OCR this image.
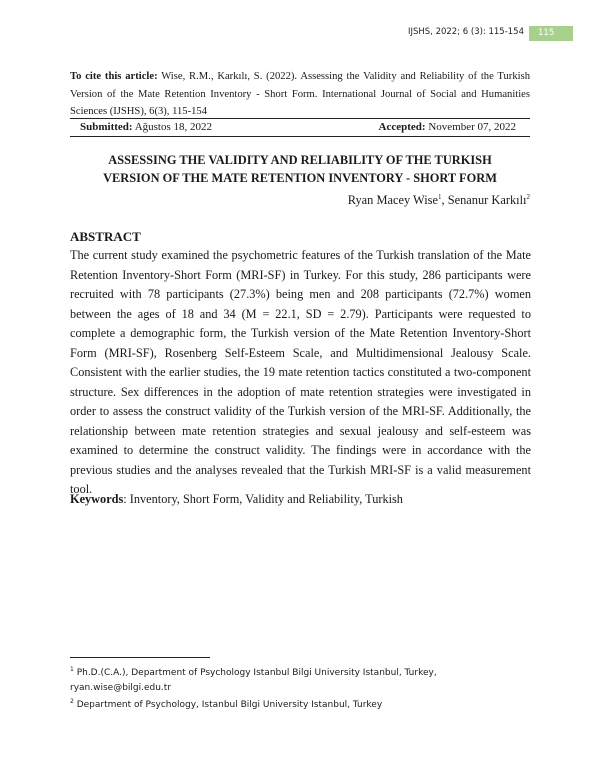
IJSHS, 2022; 6 (3): 115-154	115
To cite this article: Wise, R.M., Karkılı, S. (2022). Assessing the Validity and Reliability of the Turkish Version of the Mate Retention Inventory - Short Form. International Journal of Social and Humanities Sciences (IJSHS), 6(3), 115-154
Submitted: Ağustos 18, 2022	Accepted: November 07, 2022
ASSESSING THE VALIDITY AND RELIABILITY OF THE TURKISH
VERSION OF THE MATE RETENTION INVENTORY - SHORT FORM
Ryan Macey Wise$^1$, Senanur Karkılı$^2$
ABSTRACT

The current study examined the psychometric features of the Turkish translation of the Mate Retention Inventory-Short Form (MRI-SF) in Turkey. For this study, 286 participants were recruited with 78 participants (27.3%) being men and 208 participants (72.7%) women between the ages of 18 and 34 (M = 22.1, SD = 2.79). Participants were requested to complete a demographic form, the Turkish version of the Mate Retention Inventory-Short Form (MRI-SF), Rosenberg Self-Esteem Scale, and Multidimensional Jealousy Scale. Consistent with the earlier studies, the 19 mate retention tactics constituted a two-component structure. Sex differences in the adoption of mate retention strategies were investigated in order to assess the construct validity of the Turkish version of the MRI-SF. Additionally, the relationship between mate retention strategies and sexual jealousy and self-esteem was examined to determine the construct validity. The findings were in accordance with the previous studies and the analyses revealed that the Turkish MRI-SF is a valid measurement tool.

Keywords: Inventory, Short Form, Validity and Reliability, Turkish

$^1$ Ph.D.(C.A.), Department of Psychology Istanbul Bilgi University Istanbul, Turkey, ryan.wise@bilgi.edu.tr

$^2$ Department of Psychology, Istanbul Bilgi University Istanbul, Turkey
